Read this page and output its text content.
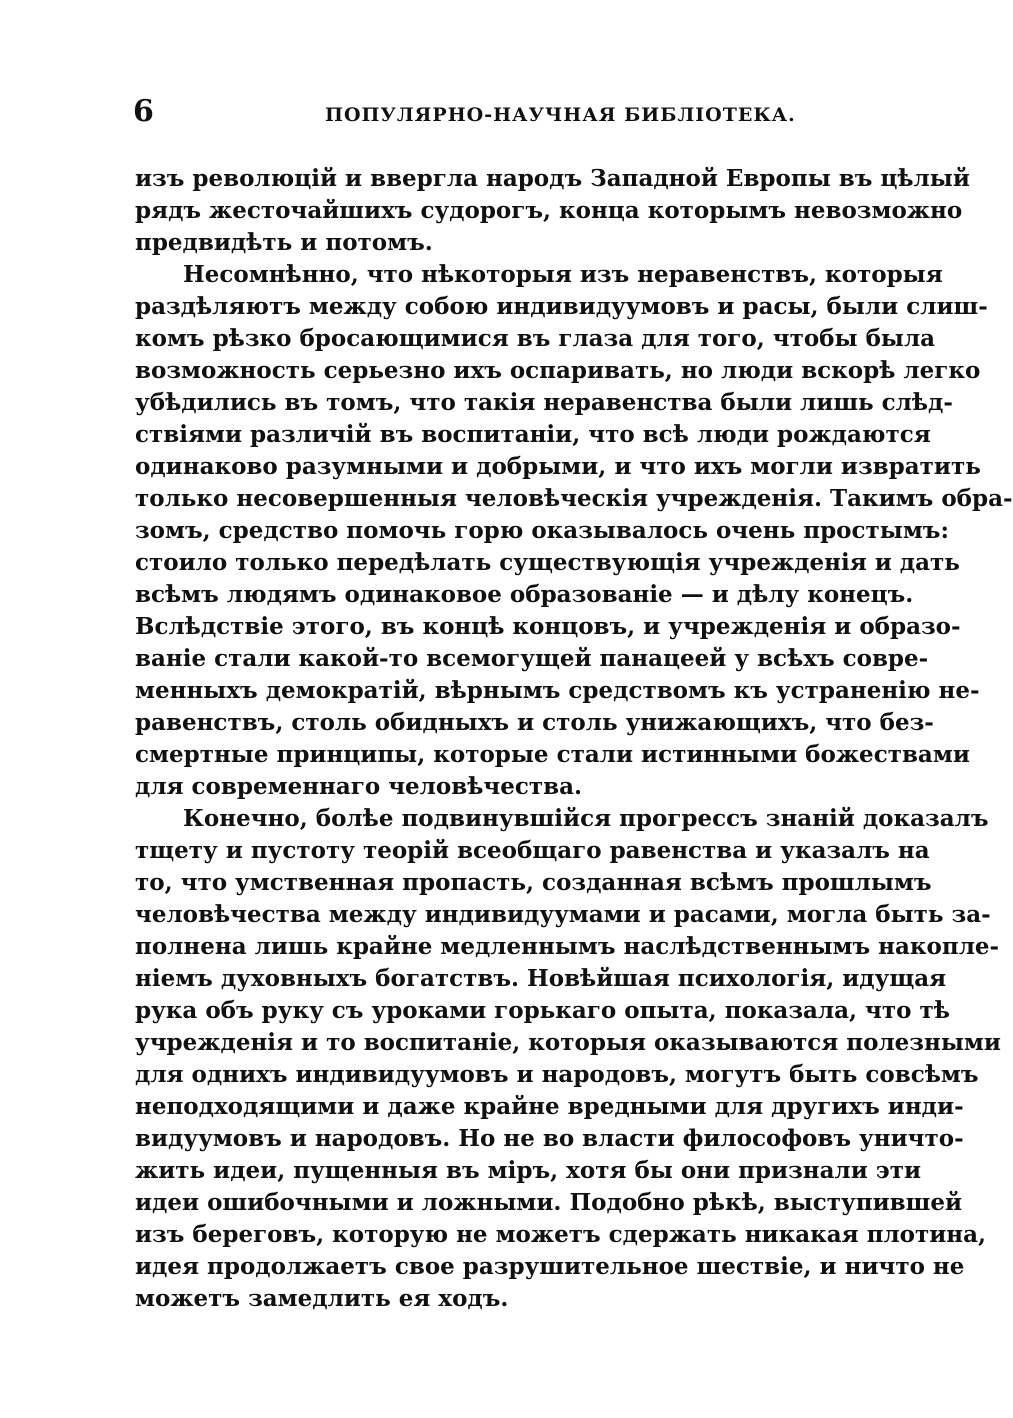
6	ПОПУЛЯРНО-НАУЧНАЯ БИБЛІОТЕКА.
изъ революцій и ввергла народъ Западной Европы въ цѣлый
рядъ жесточайшихъ судорогъ, конца которымъ невозможно
предвидѣть и потомъ.
Несомнѣнно, что нѣкоторыя изъ неравенствъ, которыя
раздѣляютъ между собою индивидуумовъ и расы, были слиш-
комъ рѣзко бросающимися въ глаза для того, чтобы была
возможность серьезно ихъ оспаривать, но люди вскорѣ легко
убѣдились въ томъ, что такія неравенства были лишь слѣд-
ствіями различій въ воспитаніи, что всѣ люди рождаются
одинаково разумными и добрыми, и что ихъ могли извратить
только несовершенныя человѣческія учрежденія. Такимъ обра-
зомъ, средство помочь горю оказывалось очень простымъ:
стоило только передѣлать существующія учрежденія и дать
всѣмъ людямъ одинаковое образованіе — и дѣлу конецъ.
Вслѣдствіе этого, въ концѣ концовъ, и учрежденія и образо-
ваніе стали какой-то всемогущей панацеей у всѣхъ совре-
менныхъ демократій, вѣрнымъ средствомъ къ устраненію не-
равенствъ, столь обидныхъ и столь унижающихъ, что без-
смертные принципы, которые стали истинными божествами
для современнаго человѣчества.
Конечно, болѣе подвинувшійся прогрессъ знаній доказалъ
тщету и пустоту теорій всеобщаго равенства и указалъ на
то, что умственная пропасть, созданная всѣмъ прошлымъ
человѣчества между индивидуумами и расами, могла быть за-
полнена лишь крайне медленнымъ наслѣдственнымъ накопле-
ніемъ духовныхъ богатствъ. Новѣйшая психологія, идущая
рука объ руку съ уроками горькаго опыта, показала, что тѣ
учрежденія и то воспитаніе, которыя оказываются полезными
для однихъ индивидуумовъ и народовъ, могутъ быть совсѣмъ
неподходящими и даже крайне вредными для другихъ инди-
видуумовъ и народовъ. Но не во власти философовъ уничто-
жить идеи, пущенныя въ міръ, хотя бы они признали эти
идеи ошибочными и ложными. Подобно рѣкѣ, выступившей
изъ береговъ, которую не можетъ сдержать никакая плотина,
идея продолжаетъ свое разрушительное шествіе, и ничто не
можетъ замедлить ея ходъ.
